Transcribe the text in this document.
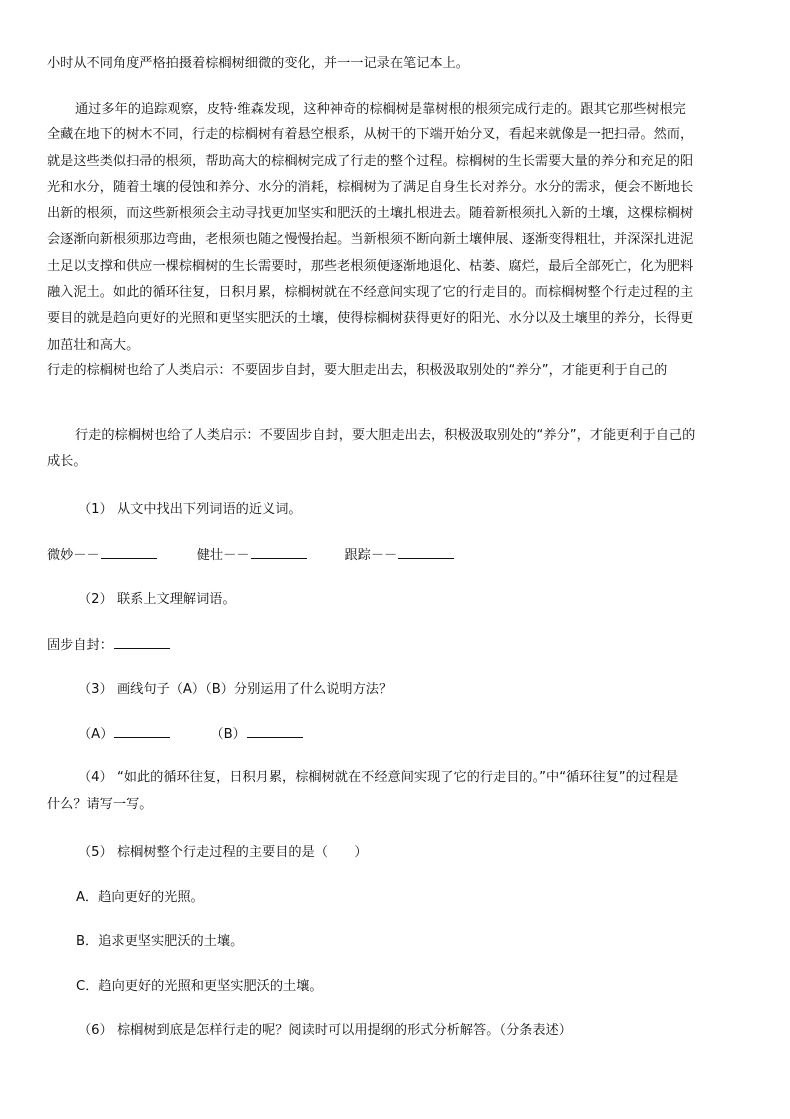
小时从不同角度严格拍摄着棕榈树细微的变化，并一一记录在笔记本上。
通过多年的追踪观察，皮特·维森发现，这种神奇的棕榈树是靠树根的根须完成行走的。跟其它那些树根完
全藏在地下的树木不同，行走的棕榈树有着悬空根系，从树干的下端开始分叉，看起来就像是一把扫帚。然而，
就是这些类似扫帚的根须，帮助高大的棕榈树完成了行走的整个过程。棕榈树的生长需要大量的养分和充足的阳
光和水分，随着土壤的侵蚀和养分、水分的消耗，棕榈树为了满足自身生长对养分。水分的需求，便会不断地长
出新的根须，而这些新根须会主动寻找更加坚实和肥沃的土壤扎根进去。随着新根须扎入新的土壤，这棵棕榈树
会逐渐向新根须那边弯曲，老根须也随之慢慢抬起。当新根须不断向新土壤伸展、逐渐变得粗壮，并深深扎进泥
土足以支撑和供应一棵棕榈树的生长需要时，那些老根须便逐渐地退化、枯萎、腐烂，最后全部死亡，化为肥料
融入泥土。如此的循环往复，日积月累，棕榈树就在不经意间实现了它的行走目的。而棕榈树整个行走过程的主
要目的就是趋向更好的光照和更坚实肥沃的土壤，使得棕榈树获得更好的阳光、水分以及土壤里的养分，长得更
加茁壮和高大。
行走的棕榈树也给了人类启示：不要固步自封，要大胆走出去，积极汲取别处的“养分”，才能更利于自己的
行走的棕榈树也给了人类启示：不要固步自封，要大胆走出去，积极汲取别处的“养分”，才能更利于自己的
成长。
（1） 从文中找出下列词语的近义词。
微妙－－	健壮－－	跟踪－－
（2） 联系上文理解词语。
固步自封：
（3） 画线句子（A）（B）分别运用了什么说明方法？
（A）	（B）
（4） “如此的循环往复，日积月累，棕榈树就在不经意间实现了它的行走目的。”中“循环往复”的过程是
什么？请写一写。
（5） 棕榈树整个行走过程的主要目的是（　　）
A．趋向更好的光照。
B．追求更坚实肥沃的土壤。
C．趋向更好的光照和更坚实肥沃的土壤。
（6） 棕榈树到底是怎样行走的呢？阅读时可以用提纲的形式分析解答。（分条表述）
